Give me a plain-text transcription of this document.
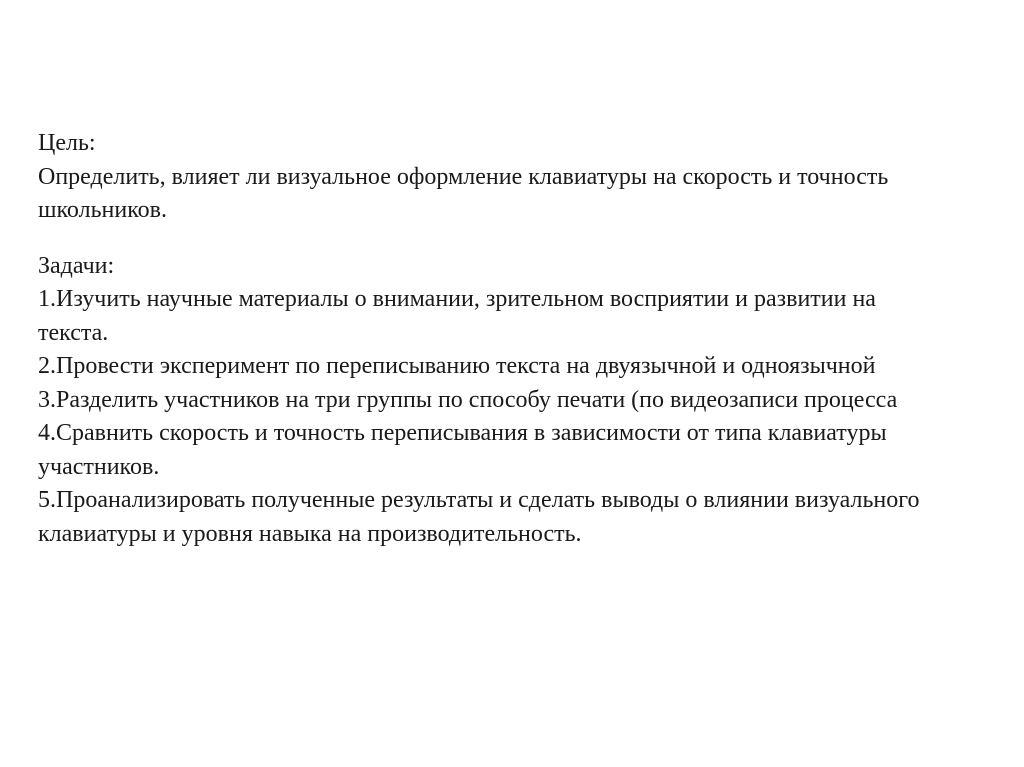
Цель:
Определить, влияет ли визуальное оформление клавиатуры на скорость и точность
школьников.
Задачи:
1.Изучить научные материалы о внимании, зрительном восприятии и развитии на
текста.
2.Провести эксперимент по переписыванию текста на двуязычной и одноязычной
3.Разделить участников на три группы по способу печати (по видеозаписи процесса
4.Сравнить скорость и точность переписывания в зависимости от типа клавиатуры
участников.
5.Проанализировать полученные результаты и сделать выводы о влиянии визуального
клавиатуры и уровня навыка на производительность.
